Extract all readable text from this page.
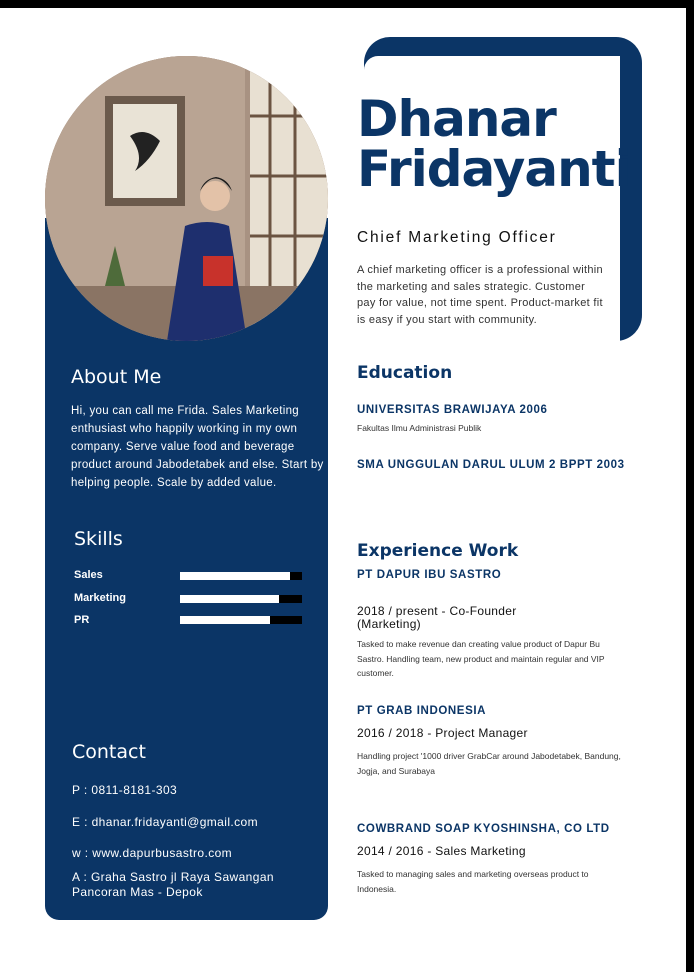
Dhanar
Fridayanti
Chief Marketing Officer
A chief marketing officer is a professional within the marketing and sales strategic. Customer pay for value, not time spent. Product-market fit is easy if you start with community.
About Me
Hi, you can call me Frida. Sales Marketing enthusiast who happily working in my own company. Serve value food and beverage product around Jabodetabek and else. Start by helping people. Scale by added value.
Skills
Sales
Marketing
PR
Contact
P : 0811-8181-303
E : dhanar.fridayanti@gmail.com
w : www.dapurbusastro.com
A : Graha Sastro jl Raya Sawangan
Pancoran Mas - Depok
Education
UNIVERSITAS BRAWIJAYA 2006
Fakultas Ilmu Administrasi Publik
SMA UNGGULAN DARUL ULUM 2 BPPT 2003
Experience Work
PT DAPUR IBU SASTRO
2018 / present - Co-Founder
(Marketing)
Tasked to make revenue dan creating value product of Dapur Bu Sastro. Handling team, new product and maintain regular and VIP customer.
PT GRAB INDONESIA
2016 / 2018 - Project Manager
Handling project '1000 driver GrabCar around Jabodetabek, Bandung, Jogja, and Surabaya
COWBRAND SOAP KYOSHINSHA, CO LTD
2014 / 2016 - Sales Marketing
Tasked to managing sales and marketing overseas product to Indonesia.
